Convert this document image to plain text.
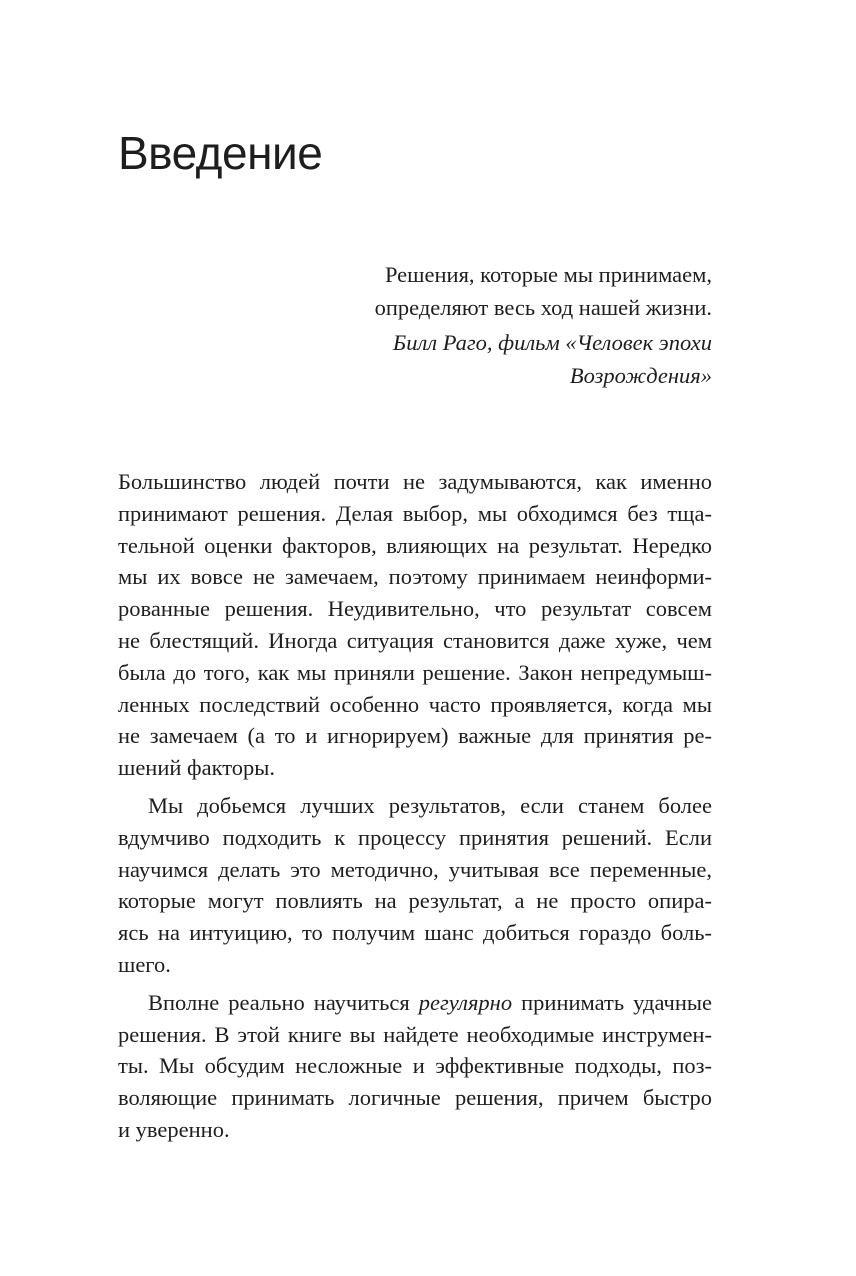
Введение
Решения, которые мы принимаем,
определяют весь ход нашей жизни.
Билл Раго, фильм «Человек эпохи
Возрождения»

Большинство людей почти не задумываются, как именно
принимают решения. Делая выбор, мы обходимся без тща-
тельной оценки факторов, влияющих на результат. Нередко
мы их вовсе не замечаем, поэтому принимаем неинформи-
рованные решения. Неудивительно, что результат совсем
не блестящий. Иногда ситуация становится даже хуже, чем
была до того, как мы приняли решение. Закон непредумыш-
ленных последствий особенно часто проявляется, когда мы
не замечаем (а то и игнорируем) важные для принятия ре-
шений факторы.

Мы добьемся лучших результатов, если станем более
вдумчиво подходить к процессу принятия решений. Если
научимся делать это методично, учитывая все переменные,
которые могут повлиять на результат, а не просто опира-
ясь на интуицию, то получим шанс добиться гораздо боль-
шего.

Вполне реально научиться регулярно принимать удачные
решения. В этой книге вы найдете необходимые инструмен-
ты. Мы обсудим несложные и эффективные подходы, поз-
воляющие принимать логичные решения, причем быстро
и уверенно.
